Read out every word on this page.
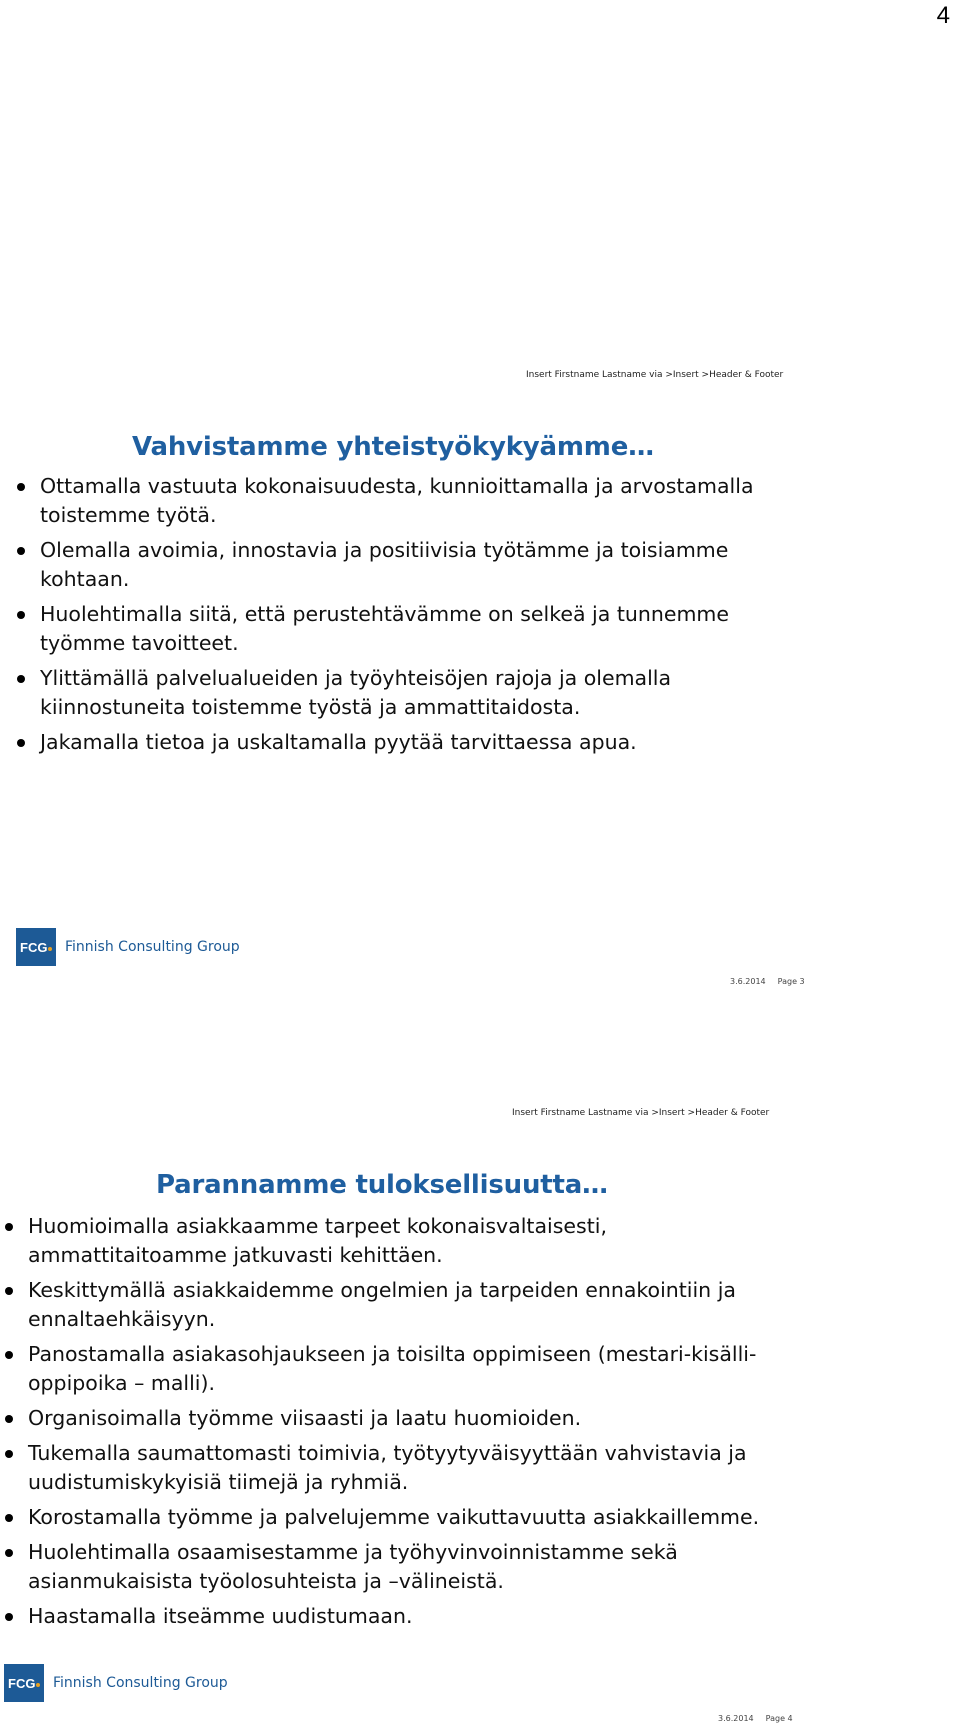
4
Insert Firstname Lastname via >Insert >Header & Footer
Vahvistamme yhteistyökykyämme…
Ottamalla vastuuta kokonaisuudesta, kunnioittamalla ja arvostamalla toistemme työtä.
Olemalla avoimia, innostavia ja positiivisia työtämme ja toisiamme kohtaan.
Huolehtimalla siitä, että perustehtävämme on selkeä ja tunnemme työmme tavoitteet.
Ylittämällä palvelualueiden ja työyhteisöjen rajoja ja olemalla kiinnostuneita toistemme työstä ja ammattitaidosta.
Jakamalla tietoa ja uskaltamalla pyytää tarvittaessa apua.
FCG Finnish Consulting Group
3.6.2014 Page 3
Insert Firstname Lastname via >Insert >Header & Footer
Parannamme tuloksellisuutta…
Huomioimalla asiakkaamme tarpeet kokonaisvaltaisesti, ammattitaitoamme jatkuvasti kehittäen.
Keskittymällä asiakkaidemme ongelmien ja tarpeiden ennakointiin ja ennaltaehkäisyyn.
Panostamalla asiakasohjaukseen ja toisilta oppimiseen (mestari-kisälli-oppipoika – malli).
Organisoimalla työmme viisaasti ja laatu huomioiden.
Tukemalla saumattomasti toimivia, työtyytyväisyyttään vahvistavia ja uudistumiskykyisiä tiimejä ja ryhmiä.
Korostamalla työmme ja palvelujemme vaikuttavuutta asiakkaillemme.
Huolehtimalla osaamisestamme ja työhyvinvoinnistamme sekä asianmukaisista työolosuhteista ja –välineistä.
Haastamalla itseämme uudistumaan.
FCG Finnish Consulting Group
3.6.2014 Page 4
